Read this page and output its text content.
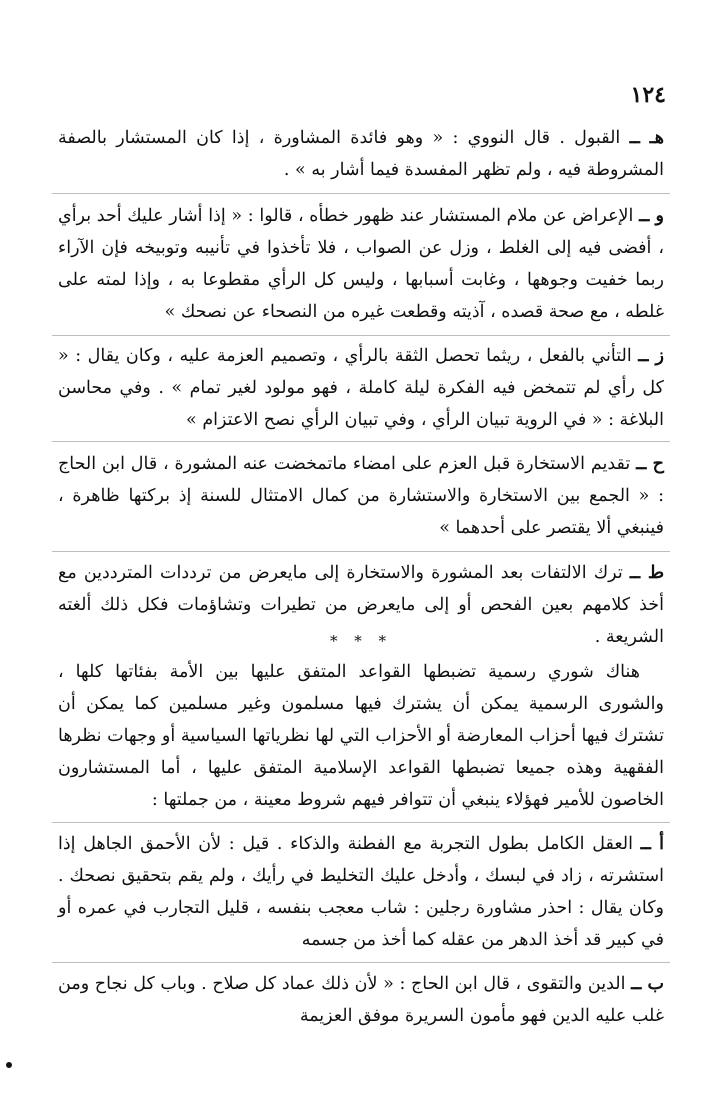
١٢٤

هـ ــ القبول . قال النووي : « وهو فائدة المشاورة ، إذا كان المستشار بالصفة المشروطة فيه ، ولم تظهر المفسدة فيما أشار به » .

و ــ الإعراض عن ملام المستشار عند ظهور خطأه ، قالوا : « إذا أشار عليك أحد برأي ، أفضى فيه إلى الغلط ، وزل عن الصواب ، فلا تأخذوا في تأنيبه وتوبيخه فإن الآراء ربما خفيت وجوهها ، وغابت أسبابها ، وليس كل الرأي مقطوعا به ، وإذا لمته على غلطه ، مع صحة قصده ، آذيته وقطعت غيره من النصحاء عن نصحك »

ز ــ التأني بالفعل ، ريثما تحصل الثقة بالرأي ، وتصميم العزمة عليه ، وكان يقال : « كل رأي لم تتمخض فيه الفكرة ليلة كاملة ، فهو مولود لغير تمام » . وفي محاسن البلاغة : « في الروية تبيان الرأي ، وفي تبيان الرأي نصح الاعتزام »

ح ــ تقديم الاستخارة قبل العزم على امضاء ماتمخضت عنه المشورة ، قال ابن الحاج : « الجمع بين الاستخارة والاستشارة من كمال الامتثال للسنة إذ بركتها ظاهرة ، فينبغي ألا يقتصر على أحدهما »

ط ــ ترك الالتفات بعد المشورة والاستخارة إلى مايعرض من ترددات المترددين مع أخذ كلامهم بعين الفحص أو إلى مايعرض من تطيرات وتشاؤمات فكل ذلك ألغته الشريعة .

* * *

هناك شوري رسمية تضبطها القواعد المتفق عليها بين الأمة بفئاتها كلها ، والشورى الرسمية يمكن أن يشترك فيها مسلمون وغير مسلمين كما يمكن أن تشترك فيها أحزاب المعارضة أو الأحزاب التي لها نظرياتها السياسية أو وجهات نظرها الفقهية وهذه جميعا تضبطها القواعد الإسلامية المتفق عليها ، أما المستشارون الخاصون للأمير فهؤلاء ينبغي أن تتوافر فيهم شروط معينة ، من جملتها :

أ ــ العقل الكامل بطول التجربة مع الفطنة والذكاء . قيل : لأن الأحمق الجاهل إذا استشرته ، زاد في لبسك ، وأدخل عليك التخليط في رأيك ، ولم يقم بتحقيق نصحك . وكان يقال : احذر مشاورة رجلين : شاب معجب بنفسه ، قليل التجارب في عمره أو في كبير قد أخذ الدهر من عقله كما أخذ من جسمه

ب ــ الدين والتقوى ، قال ابن الحاج : « لأن ذلك عماد كل صلاح . وباب كل نجاح ومن غلب عليه الدين فهو مأمون السريرة موفق العزيمة
